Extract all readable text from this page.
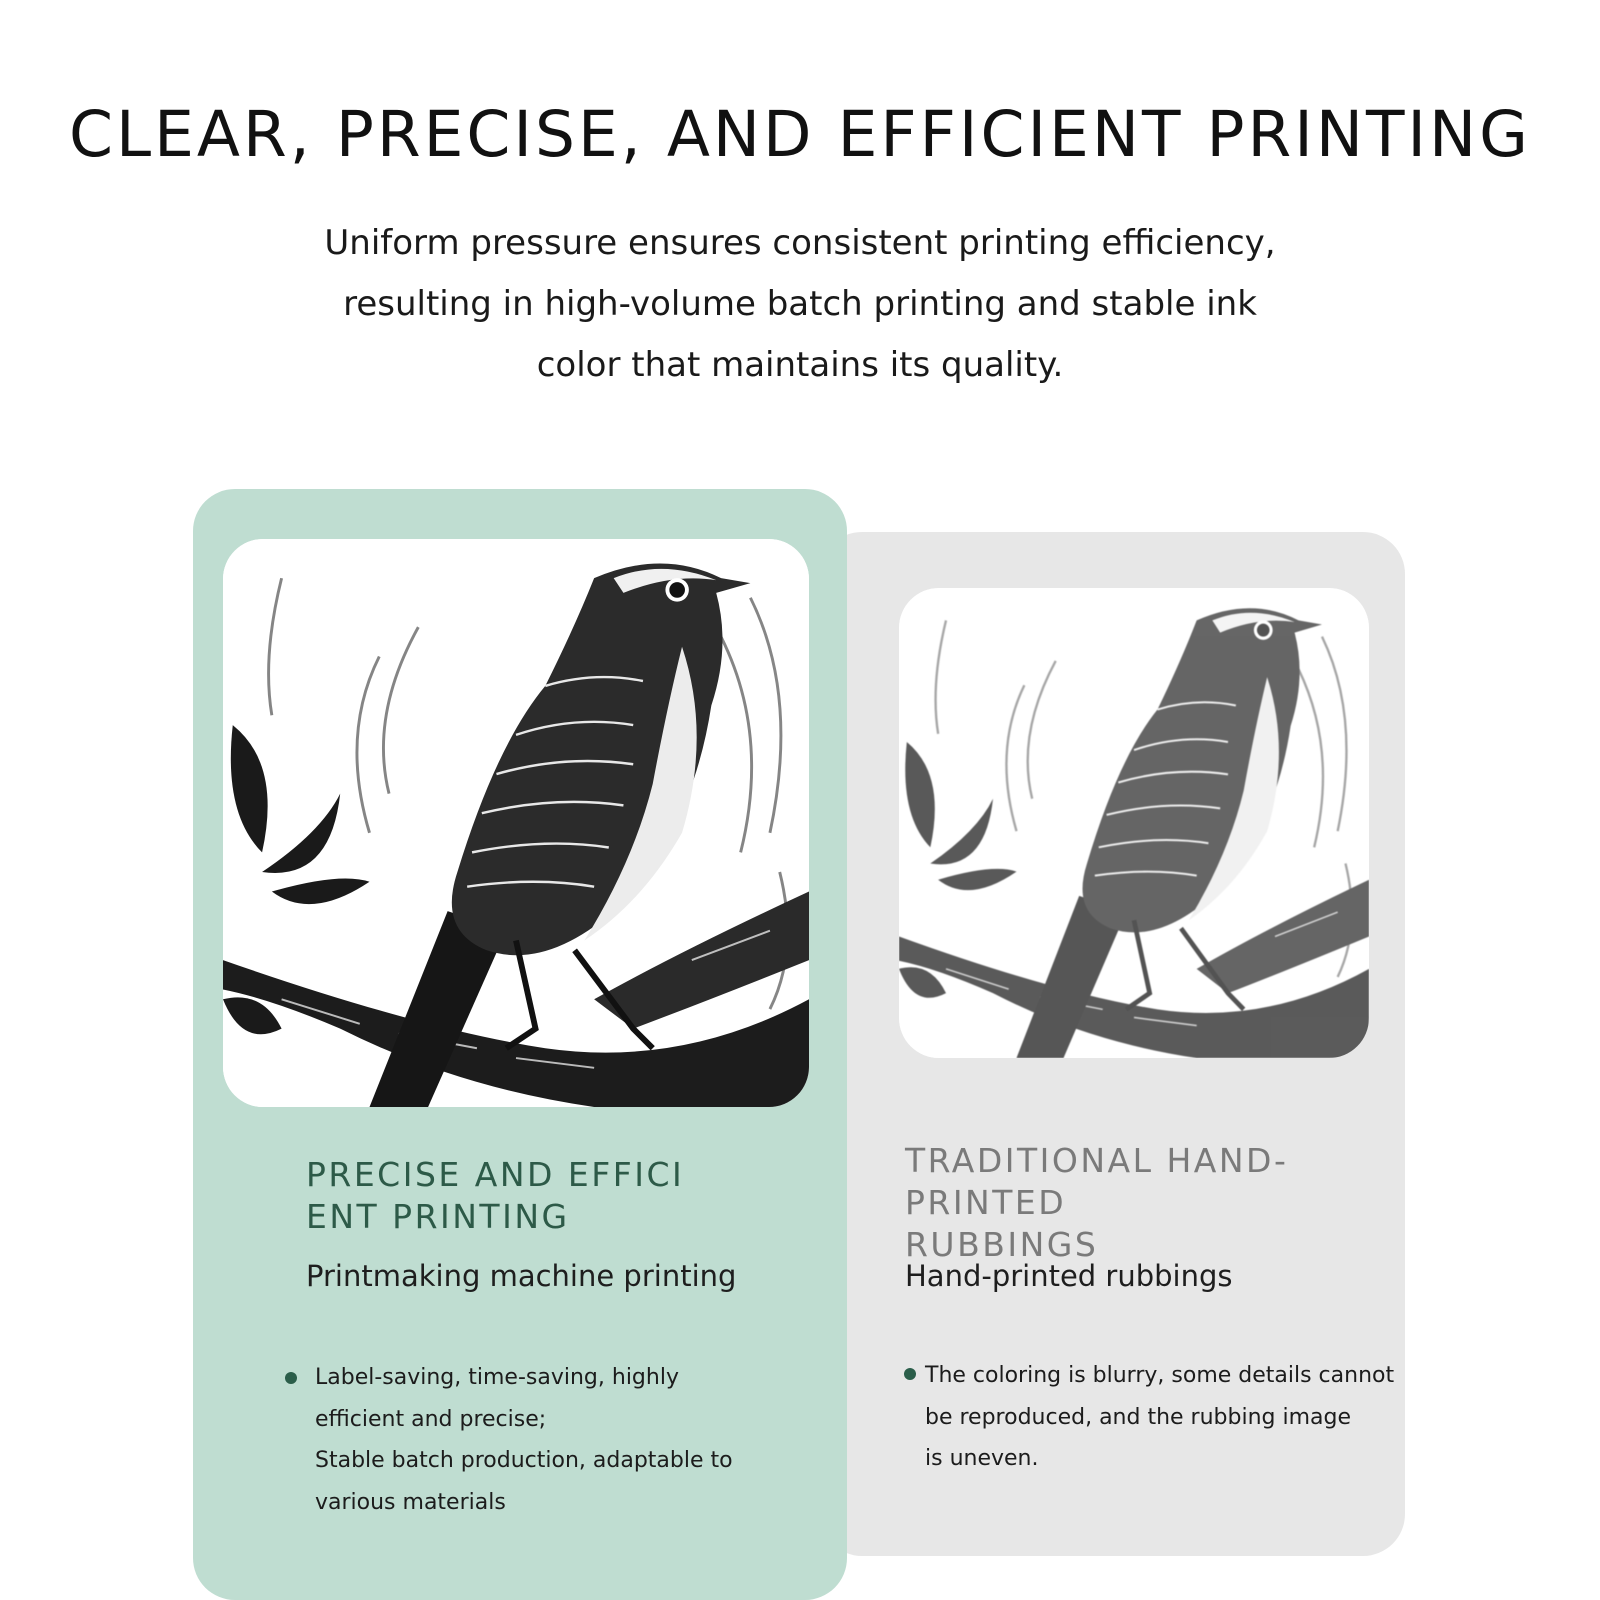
CLEAR, PRECISE, AND EFFICIENT PRINTING
Uniform pressure ensures consistent printing efficiency,
resulting in high-volume batch printing and stable ink
color that maintains its quality.
PRECISE AND EFFICI
ENT PRINTING
Printmaking machine printing

Label-saving, time-saving, highly

efficient and precise;

Stable batch production, adaptable to

various materials

TRADITIONAL HAND-PRINTED
RUBBINGS
Hand-printed rubbings

The coloring is blurry, some details cannot

be reproduced, and the rubbing image

is uneven.
